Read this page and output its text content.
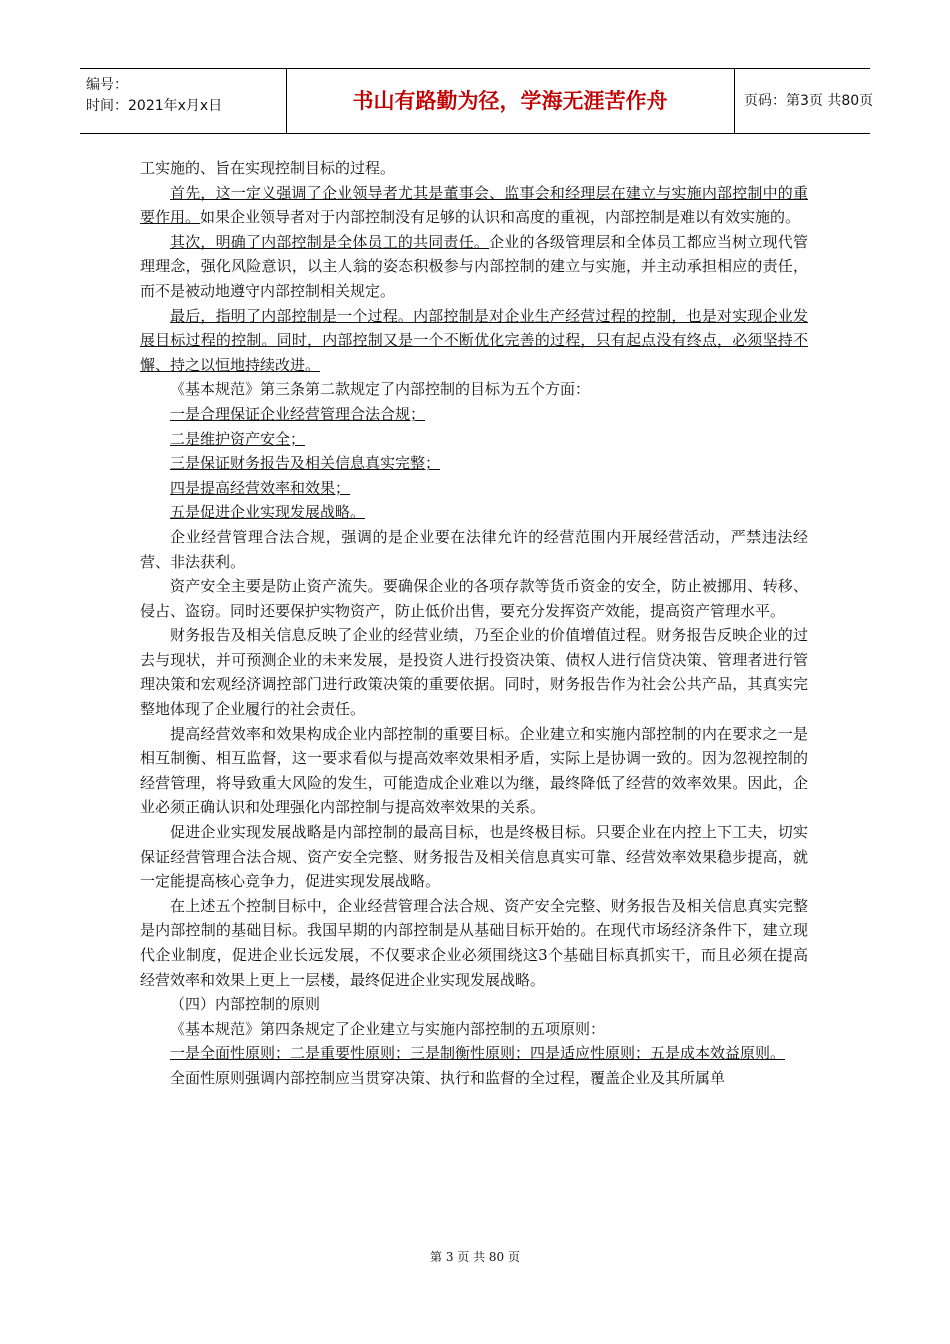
编号：
时间：2021年x月x日	书山有路勤为径，学海无涯苦作舟	页码：第3页 共80页

工实施的、旨在实现控制目标的过程。

首先，这一定义强调了企业领导者尤其是董事会、监事会和经理层在建立与实施内部控制中的重要作用。如果企业领导者对于内部控制没有足够的认识和高度的重视，内部控制是难以有效实施的。

其次，明确了内部控制是全体员工的共同责任。企业的各级管理层和全体员工都应当树立现代管理理念，强化风险意识，以主人翁的姿态积极参与内部控制的建立与实施，并主动承担相应的责任，而不是被动地遵守内部控制相关规定。

最后，指明了内部控制是一个过程。内部控制是对企业生产经营过程的控制，也是对实现企业发展目标过程的控制。同时，内部控制又是一个不断优化完善的过程，只有起点没有终点，必须坚持不懈、持之以恒地持续改进。

《基本规范》第三条第二款规定了内部控制的目标为五个方面：

一是合理保证企业经营管理合法合规；

二是维护资产安全；

三是保证财务报告及相关信息真实完整；

四是提高经营效率和效果；

五是促进企业实现发展战略。

企业经营管理合法合规，强调的是企业要在法律允许的经营范围内开展经营活动，严禁违法经营、非法获利。

资产安全主要是防止资产流失。要确保企业的各项存款等货币资金的安全，防止被挪用、转移、侵占、盗窃。同时还要保护实物资产，防止低价出售，要充分发挥资产效能，提高资产管理水平。

财务报告及相关信息反映了企业的经营业绩，乃至企业的价值增值过程。财务报告反映企业的过去与现状，并可预测企业的未来发展，是投资人进行投资决策、债权人进行信贷决策、管理者进行管理决策和宏观经济调控部门进行政策决策的重要依据。同时，财务报告作为社会公共产品，其真实完整地体现了企业履行的社会责任。

提高经营效率和效果构成企业内部控制的重要目标。企业建立和实施内部控制的内在要求之一是相互制衡、相互监督，这一要求看似与提高效率效果相矛盾，实际上是协调一致的。因为忽视控制的经营管理，将导致重大风险的发生，可能造成企业难以为继，最终降低了经营的效率效果。因此，企业必须正确认识和处理强化内部控制与提高效率效果的关系。

促进企业实现发展战略是内部控制的最高目标，也是终极目标。只要企业在内控上下工夫，切实保证经营管理合法合规、资产安全完整、财务报告及相关信息真实可靠、经营效率效果稳步提高，就一定能提高核心竞争力，促进实现发展战略。

在上述五个控制目标中，企业经营管理合法合规、资产安全完整、财务报告及相关信息真实完整是内部控制的基础目标。我国早期的内部控制是从基础目标开始的。在现代市场经济条件下，建立现代企业制度，促进企业长远发展，不仅要求企业必须围绕这3个基础目标真抓实干，而且必须在提高经营效率和效果上更上一层楼，最终促进企业实现发展战略。

（四）内部控制的原则

《基本规范》第四条规定了企业建立与实施内部控制的五项原则：

一是全面性原则；二是重要性原则；三是制衡性原则；四是适应性原则；五是成本效益原则。

全面性原则强调内部控制应当贯穿决策、执行和监督的全过程，覆盖企业及其所属单

第 3 页 共 80 页
